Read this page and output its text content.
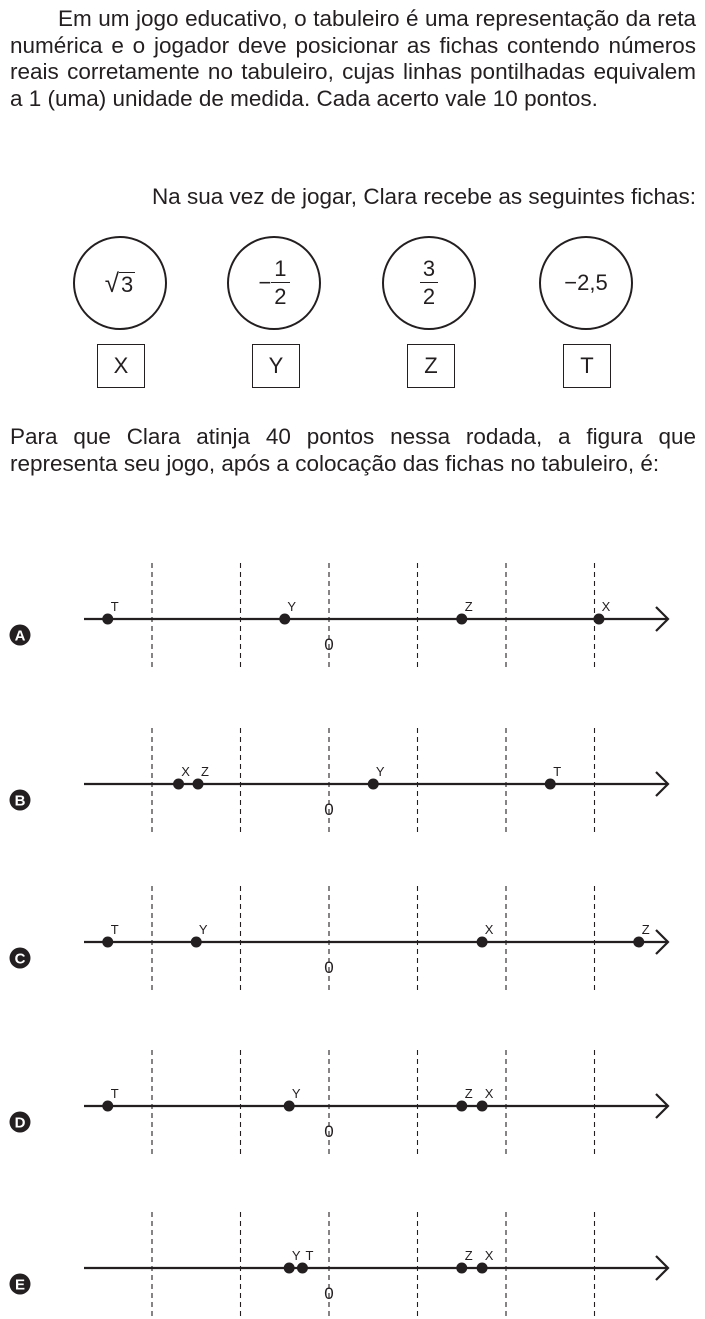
Em um jogo educativo, o tabuleiro é uma representação da reta numérica e o jogador deve posicionar as fichas contendo números reais corretamente no tabuleiro, cujas linhas pontilhadas equivalem a 1 (uma) unidade de medida. Cada acerto vale 10 pontos.

Na sua vez de jogar, Clara recebe as seguintes fichas:

√ 3	− $\frac{1}{2}$	$\frac{3}{2}$	−2,5
X	Y	Z	T

Para que Clara atinja 40 pontos nessa rodada, a figura que representa seu jogo, após a colocação das fichas no tabuleiro, é:

A	0
T	Y	Z	X
B	0
X Z	Y	T
C	0
T	Y	X	Z
D	0
T	Y	Z X
E	0
Y T	Z X
